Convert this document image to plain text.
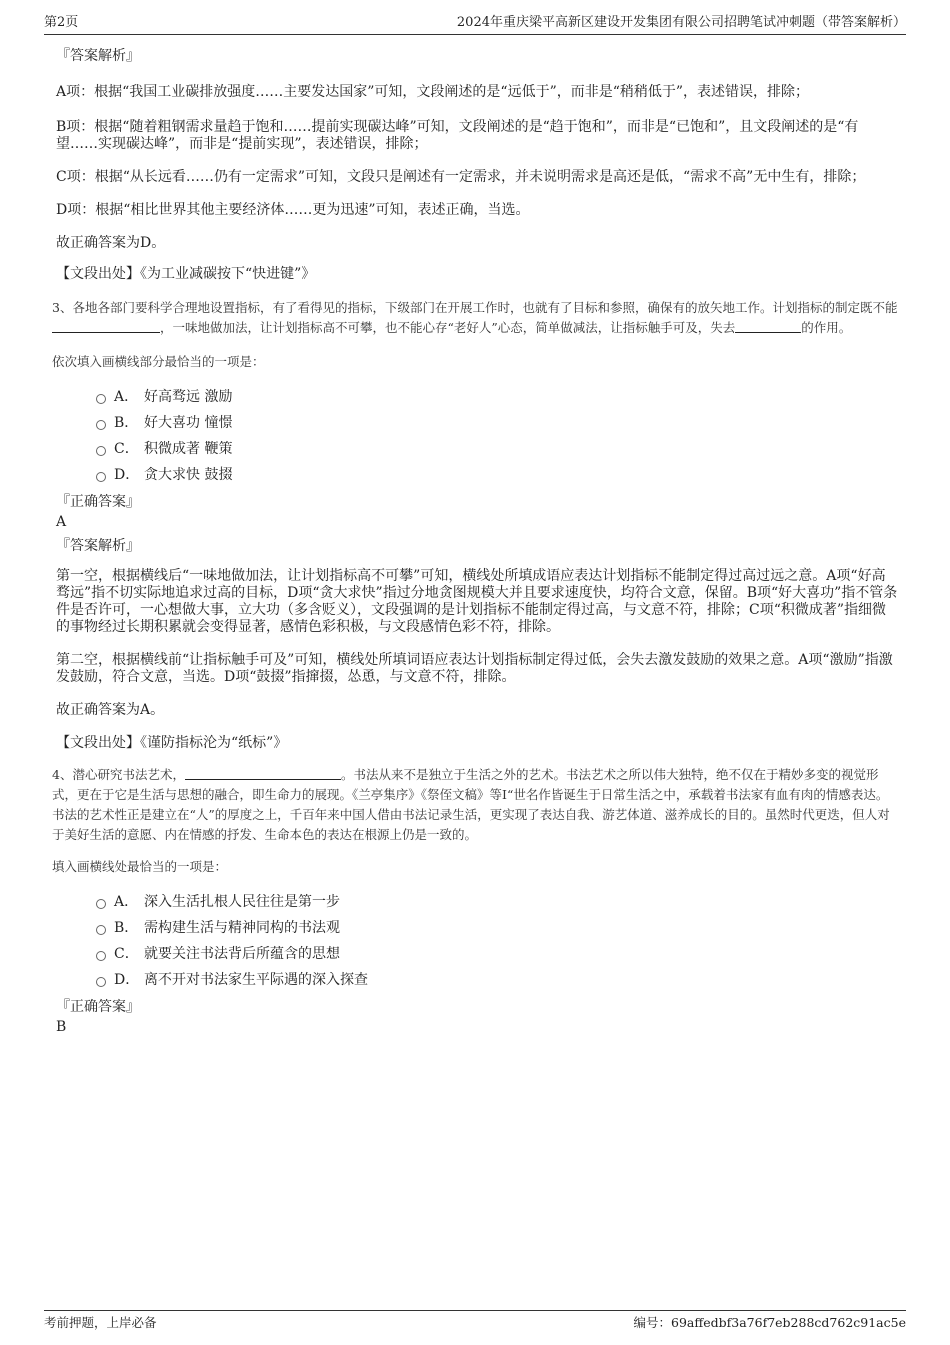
第2页	2024年重庆梁平高新区建设开发集团有限公司招聘笔试冲刺题（带答案解析）
『答案解析』

A项：根据“我国工业碳排放强度……主要发达国家”可知，文段阐述的是“远低于”，而非是“稍稍低于”，表述错误，排除；

B项：根据“随着粗钢需求量趋于饱和……提前实现碳达峰”可知，文段阐述的是“趋于饱和”，而非是“已饱和”，且文段阐述的是“有望……实现碳达峰”，而非是“提前实现”，表述错误，排除；

C项：根据“从长远看……仍有一定需求”可知，文段只是阐述有一定需求，并未说明需求是高还是低，“需求不高”无中生有，排除；

D项：根据“相比世界其他主要经济体……更为迅速”可知，表述正确，当选。

故正确答案为D。

【文段出处】《为工业减碳按下“快进键”》

3、各地各部门要科学合理地设置指标，有了看得见的指标，下级部门在开展工作时，也就有了目标和参照，确保有的放矢地工作。计划指标的制定既不能，一味地做加法，让计划指标高不可攀，也不能心存“老好人”心态，简单做减法，让指标触手可及，失去	的作用。

依次填入画横线部分最恰当的一项是：

A． 好高骛远 激励
B． 好大喜功 憧憬
C． 积微成著 鞭策
D． 贪大求快 鼓掇
『正确答案』
A
『答案解析』

第一空，根据横线后“一味地做加法，让计划指标高不可攀”可知，横线处所填成语应表达计划指标不能制定得过高过远之意。A项“好高骛远”指不切实际地追求过高的目标，D项“贪大求快”指过分地贪图规模大并且要求速度快，均符合文意，保留。B项“好大喜功”指不管条件是否许可，一心想做大事，立大功（多含贬义），文段强调的是计划指标不能制定得过高，与文意不符，排除；C项“积微成著”指细微的事物经过长期积累就会变得显著，感情色彩积极，与文段感情色彩不符，排除。

第二空，根据横线前“让指标触手可及”可知，横线处所填词语应表达计划指标制定得过低，会失去激发鼓励的效果之意。A项“激励”指激发鼓励，符合文意，当选。D项“鼓掇”指撺掇，怂恿，与文意不符，排除。

故正确答案为A。

【文段出处】《谨防指标沦为“纸标”》

4、潜心研究书法艺术，	。书法从来不是独立于生活之外的艺术。书法艺术之所以伟大独特，绝不仅在于精妙多变的视觉形式，更在于它是生活与思想的融合，即生命力的展现。《兰亭集序》《祭侄文稿》等I“世名作皆诞生于日常生活之中，承载着书法家有血有肉的情感表达。书法的艺术性正是建立在“人”的厚度之上，千百年来中国人借由书法记录生活，更实现了表达自我、游艺体道、滋养成长的目的。虽然时代更迭，但人对于美好生活的意愿、内在情感的抒发、生命本色的表达在根源上仍是一致的。

填入画横线处最恰当的一项是：

A． 深入生活扎根人民往往是第一步
B． 需构建生活与精神同构的书法观
C． 就要关注书法背后所蕴含的思想
D． 离不开对书法家生平际遇的深入探查
『正确答案』
B
考前押题，上岸必备	编号：69affedbf3a76f7eb288cd762c91ac5e
